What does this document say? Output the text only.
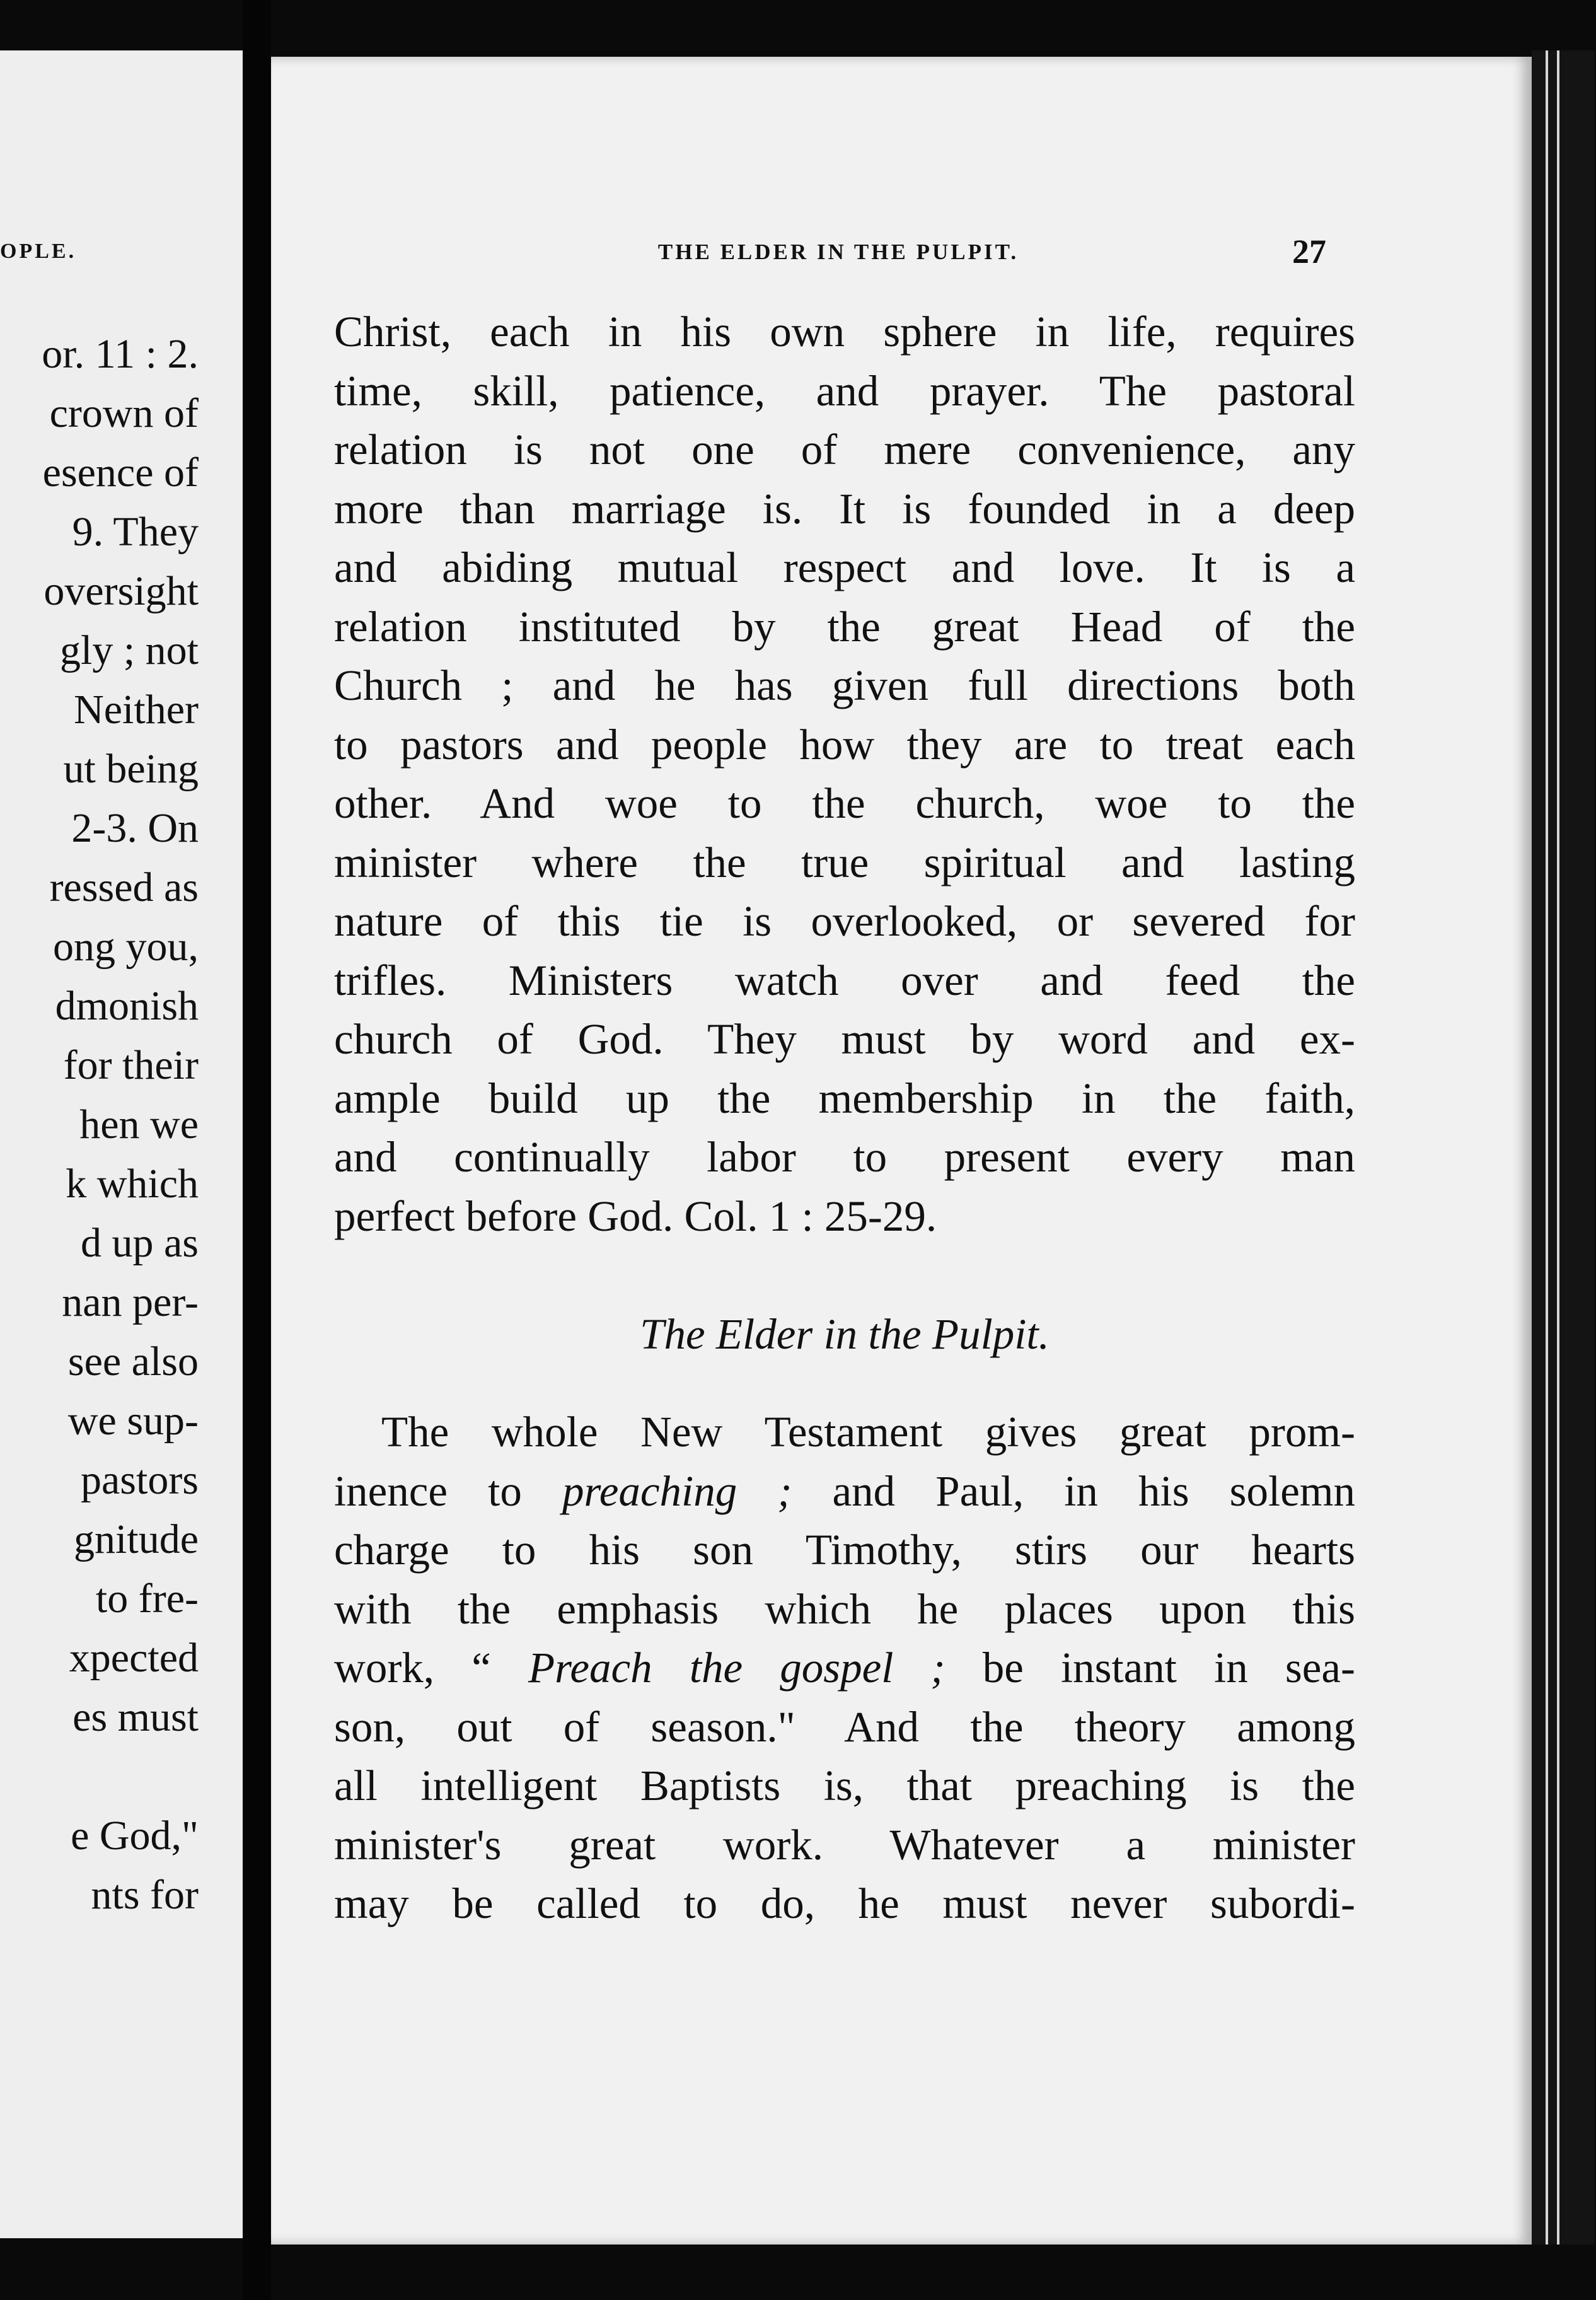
OPLE.
or. 11 : 2.
crown of
esence of
9. They
oversight
gly ; not
Neither
ut being
2-3. On
ressed as
ong you,
dmonish
for their
hen we
k which
d up as
nan per-
see also
we sup-
pastors
gnitude
to fre-
xpected
es must
e God,"
nts for
THE ELDER IN THE PULPIT.	27
Christ, each in his own sphere in life, requires
time, skill, patience, and prayer. The pastoral
relation is not one of mere convenience, any
more than marriage is. It is founded in a deep
and abiding mutual respect and love. It is a
relation instituted by the great Head of the
Church ; and he has given full directions both
to pastors and people how they are to treat each
other. And woe to the church, woe to the
minister where the true spiritual and lasting
nature of this tie is overlooked, or severed for
trifles. Ministers watch over and feed the
church of God. They must by word and ex-
ample build up the membership in the faith,
and continually labor to present every man
perfect before God. Col. 1 : 25-29.
The Elder in the Pulpit.
The whole New Testament gives great prom-
inence to preaching ; and Paul, in his solemn
charge to his son Timothy, stirs our hearts
with the emphasis which he places upon this
work, “ Preach the gospel ; be instant in sea-
son, out of season." And the theory among
all intelligent Baptists is, that preaching is the
minister's great work. Whatever a minister
may be called to do, he must never subordi-
